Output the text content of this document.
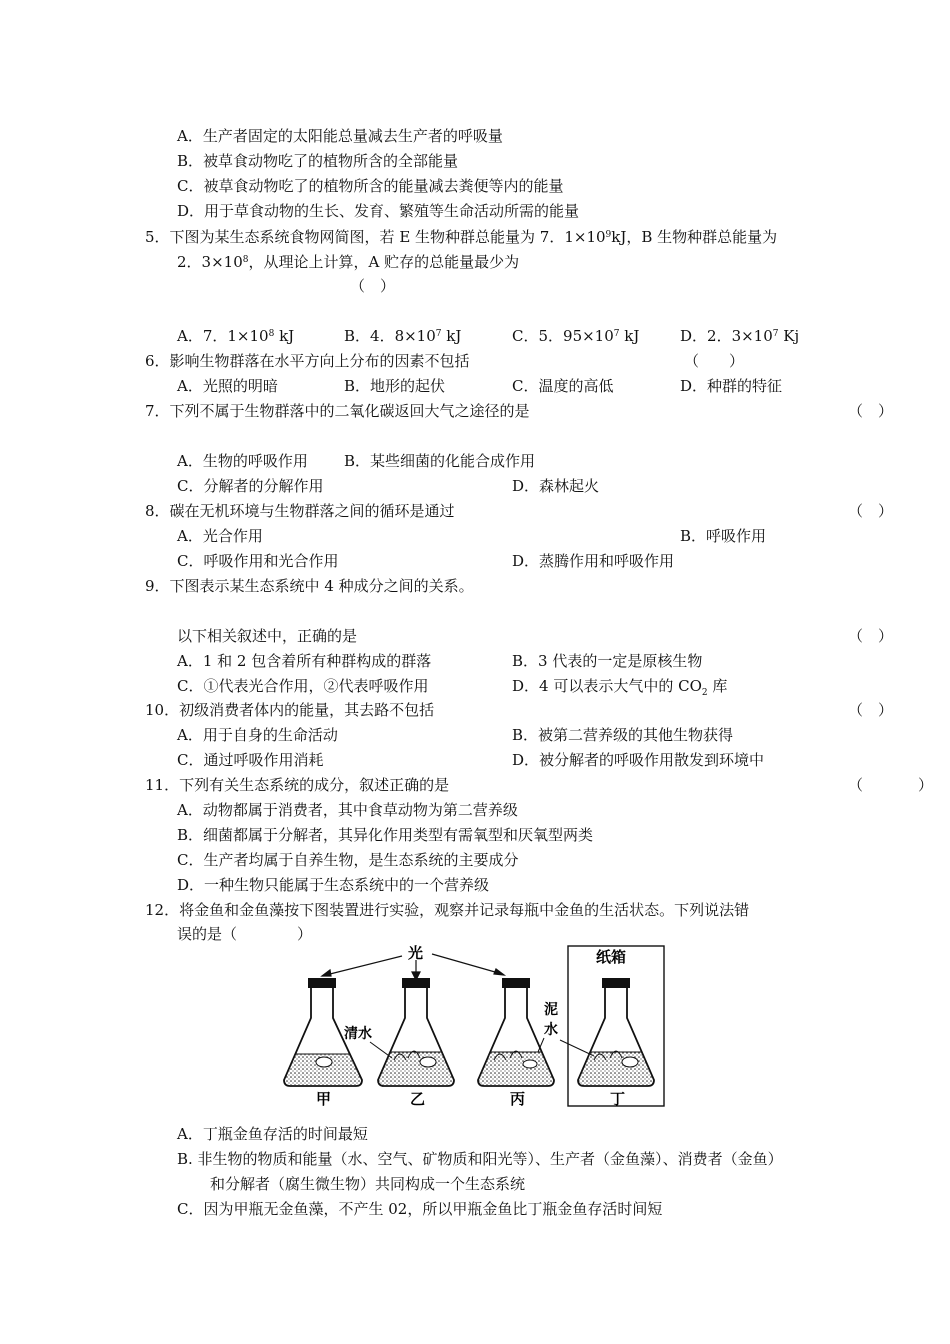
A．生产者固定的太阳能总量减去生产者的呼吸量
B．被草食动物吃了的植物所含的全部能量
C．被草食动物吃了的植物所含的能量减去粪便等内的能量
D．用于草食动物的生长、发育、繁殖等生命活动所需的能量
5．下图为某生态系统食物网简图，若 E 生物种群总能量为 7．$1\times 10^9kJ$，B 生物种群总能量为
2．$3\times 10^8$，从理论上计算，A 贮存的总能量最少为
（　）
A．7．$1\times 10^8$ kJ	B．4．$8\times 10^7$ kJ	C．5．$95\times 10^7$ kJ	D．2．$3\times 10^7$ Kj
6．影响生物群落在水平方向上分布的因素不包括	（　　）
A．光照的明暗	B．地形的起伏	C．温度的高低	D．种群的特征
7．下列不属于生物群落中的二氧化碳返回大气之途径的是	（　）
A．生物的呼吸作用 B．某些细菌的化能合成作用
C．分解者的分解作用	D．森林起火
8．碳在无机环境与生物群落之间的循环是通过	（　）
A．光合作用	B．呼吸作用
C．呼吸作用和光合作用	D．蒸腾作用和呼吸作用
9．下图表示某生态系统中 4 种成分之间的关系。
以下相关叙述中，正确的是	（　）
A．1 和 2 包含着所有种群构成的群落	B．3 代表的一定是原核生物
C．①代表光合作用，②代表呼吸作用	D．4 可以表示大气中的 $CO_2$ 库
10．初级消费者体内的能量，其去路不包括	（　）
A．用于自身的生命活动	B．被第二营养级的其他生物获得
C．通过呼吸作用消耗	D．被分解者的呼吸作用散发到环境中
11．下列有关生态系统的成分，叙述正确的是	（	）
A．动物都属于消费者，其中食草动物为第二营养级
B．细菌都属于分解者，其异化作用类型有需氧型和厌氧型两类
C．生产者均属于自养生物，是生态系统的主要成分
D．一种生物只能属于生态系统中的一个营养级
12．将金鱼和金鱼藻按下图装置进行实验，观察并记录每瓶中金鱼的生活状态。下列说法错
误的是（　　　　）
光	纸箱
清水
泥
水
甲	乙	丙	丁
A．丁瓶金鱼存活的时间最短
B. 非生物的物质和能量（水、空气、矿物质和阳光等）、生产者（金鱼藻）、消费者（金鱼）
和分解者（腐生微生物）共同构成一个生态系统
C．因为甲瓶无金鱼藻，不产生 02，所以甲瓶金鱼比丁瓶金鱼存活时间短
